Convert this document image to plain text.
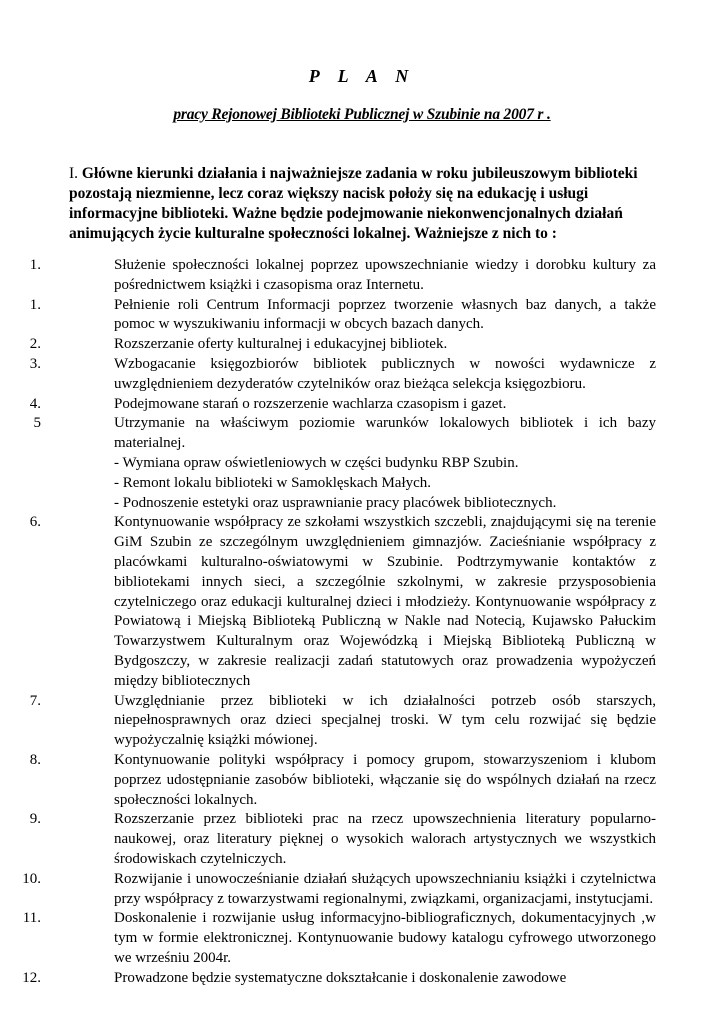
P L A N
pracy Rejonowej Biblioteki Publicznej w Szubinie na 2007 r .
I. Główne kierunki działania i najważniejsze zadania w roku jubileuszowym biblioteki pozostają niezmienne, lecz coraz większy nacisk położy się na edukację i usługi informacyjne biblioteki. Ważne będzie podejmowanie niekonwencjonalnych działań animujących życie kulturalne społeczności lokalnej. Ważniejsze z nich to :
1.	Służenie społeczności lokalnej poprzez upowszechnianie wiedzy i dorobku kultury za pośrednictwem książki i czasopisma oraz Internetu.
1.	Pełnienie roli Centrum Informacji poprzez tworzenie własnych baz danych, a także pomoc w wyszukiwaniu informacji w obcych bazach danych.
2.	Rozszerzanie oferty kulturalnej i edukacyjnej bibliotek.
3.	Wzbogacanie księgozbiorów bibliotek publicznych w nowości wydawnicze z uwzględnieniem dezyderatów czytelników oraz bieżąca selekcja księgozbioru.
4.	Podejmowane starań o rozszerzenie wachlarza czasopism i gazet.
5	Utrzymanie na właściwym poziomie warunków lokalowych bibliotek i ich bazy materialnej.
- Wymiana opraw oświetleniowych w części budynku RBP Szubin.
- Remont lokalu biblioteki w Samoklęskach Małych.
- Podnoszenie estetyki oraz usprawnianie pracy placówek bibliotecznych.
6.	Kontynuowanie współpracy ze szkołami wszystkich szczebli, znajdującymi się na terenie GiM Szubin ze szczególnym uwzględnieniem gimnazjów. Zacieśnianie współpracy z placówkami kulturalno-oświatowymi w Szubinie. Podtrzymywanie kontaktów z bibliotekami innych sieci, a szczególnie szkolnymi, w zakresie przysposobienia czytelniczego oraz edukacji kulturalnej dzieci i młodzieży. Kontynuowanie współpracy z Powiatową i Miejską Biblioteką Publiczną w Nakle nad Notecią, Kujawsko Pałuckim Towarzystwem Kulturalnym oraz Wojewódzką i Miejską Biblioteką Publiczną w Bydgoszczy, w zakresie realizacji zadań statutowych oraz prowadzenia wypożyczeń między bibliotecznych
7.	Uwzględnianie przez biblioteki w ich działalności potrzeb osób starszych, niepełnosprawnych oraz dzieci specjalnej troski. W tym celu rozwijać się będzie wypożyczalnię książki mówionej.
8.	Kontynuowanie polityki współpracy i pomocy grupom, stowarzyszeniom i klubom poprzez udostępnianie zasobów biblioteki, włączanie się do wspólnych działań na rzecz społeczności lokalnych.
9.	Rozszerzanie przez biblioteki prac na rzecz upowszechnienia literatury popularno-naukowej, oraz literatury pięknej o wysokich walorach artystycznych we wszystkich środowiskach czytelniczych.
10.	Rozwijanie i unowocześnianie działań służących upowszechnianiu książki i czytelnictwa przy współpracy z towarzystwami regionalnymi, związkami, organizacjami, instytucjami.
11.	Doskonalenie i rozwijanie usług informacyjno-bibliograficznych, dokumentacyjnych ,w tym w formie elektronicznej. Kontynuowanie budowy katalogu cyfrowego utworzonego we wrześniu 2004r.
12.	Prowadzone będzie systematyczne dokształcanie i doskonalenie zawodowe
